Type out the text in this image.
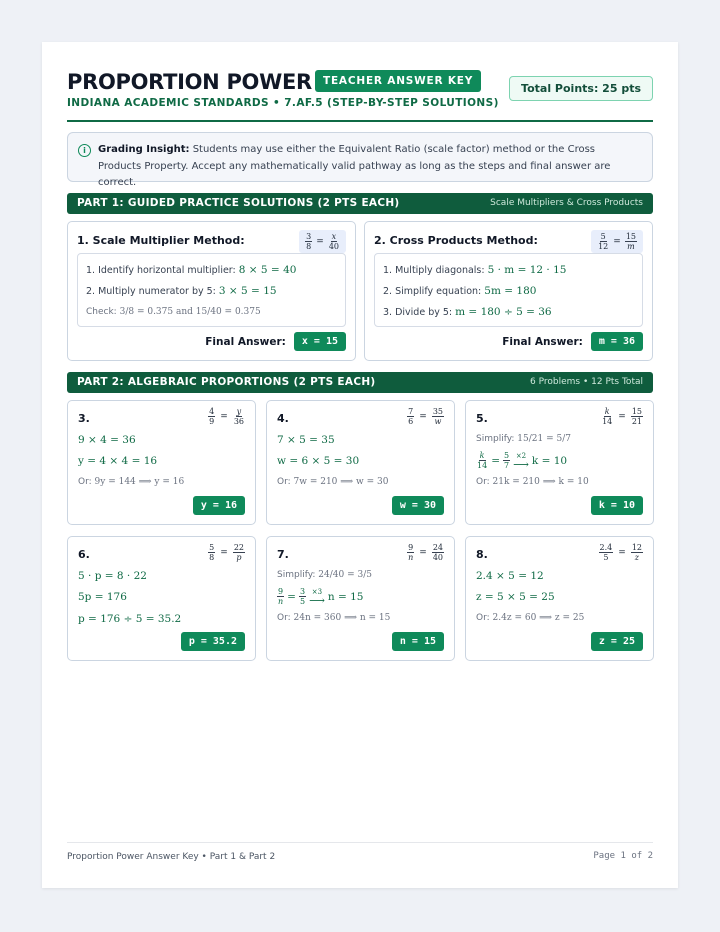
PROPORTION POWER	TEACHER ANSWER KEY
INDIANA ACADEMIC STANDARDS • 7.AF.5 (STEP-BY-STEP SOLUTIONS)
Total Points: 25 pts
i	Grading Insight: Students may use either the Equivalent Ratio (scale factor) method or the Cross Products Property. Accept any mathematically valid pathway as long as the steps and final answer are correct.
PART 1: GUIDED PRACTICE SOLUTIONS (2 PTS EACH)	Scale Multipliers & Cross Products
1. Scale Multiplier Method:	$\frac{3}{8} = \frac{x}{40}$
1. Identify horizontal multiplier: 8 × 5 = 40
2. Multiply numerator by 5: 3 × 5 = 15
Check: 3/8 = 0.375 and 15/40 = 0.375
Final Answer:	x = 15
2. Cross Products Method:	$\frac{5}{12} = \frac{15}{m}$
1. Multiply diagonals: 5 · m = 12 · 15
2. Simplify equation: 5m = 180
3. Divide by 5: m = 180 ÷ 5 = 36
Final Answer:	m = 36
PART 2: ALGEBRAIC PROPORTIONS (2 PTS EACH)	6 Problems • 12 Pts Total
3.	$\frac{4}{9} = \frac{y}{36}$
9 × 4 = 36
y = 4 × 4 = 16
Or: 9y = 144 ⟹ y = 16
y = 16
4.	$\frac{7}{6} = \frac{35}{w}$
7 × 5 = 35
w = 6 × 5 = 30
Or: 7w = 210 ⟹ w = 30
w = 30
5.	$\frac{k}{14} = \frac{15}{21}$
Simplify: 15/21 = 5/7
$\frac{k}{14} = \frac{5}{7} \times 2$
⟶ k = 10
Or: 21k = 210 ⟹ k = 10
k = 10
6.	$\frac{5}{8} = \frac{22}{p}$
5 · p = 8 · 22
5p = 176
p = 176 ÷ 5 = 35.2
p = 35.2
7.	$\frac{9}{n} = \frac{24}{40}$
Simplify: 24/40 = 3/5
$\frac{9}{n} = \frac{3}{5} \times 3$
⟶ n = 15
Or: 24n = 360 ⟹ n = 15
n = 15
8.	$\frac{2.4}{5} = \frac{12}{z}$
2.4 × 5 = 12
z = 5 × 5 = 25
Or: 2.4z = 60 ⟹ z = 25
z = 25
Proportion Power Answer Key • Part 1 & Part 2	Page 1 of 2
